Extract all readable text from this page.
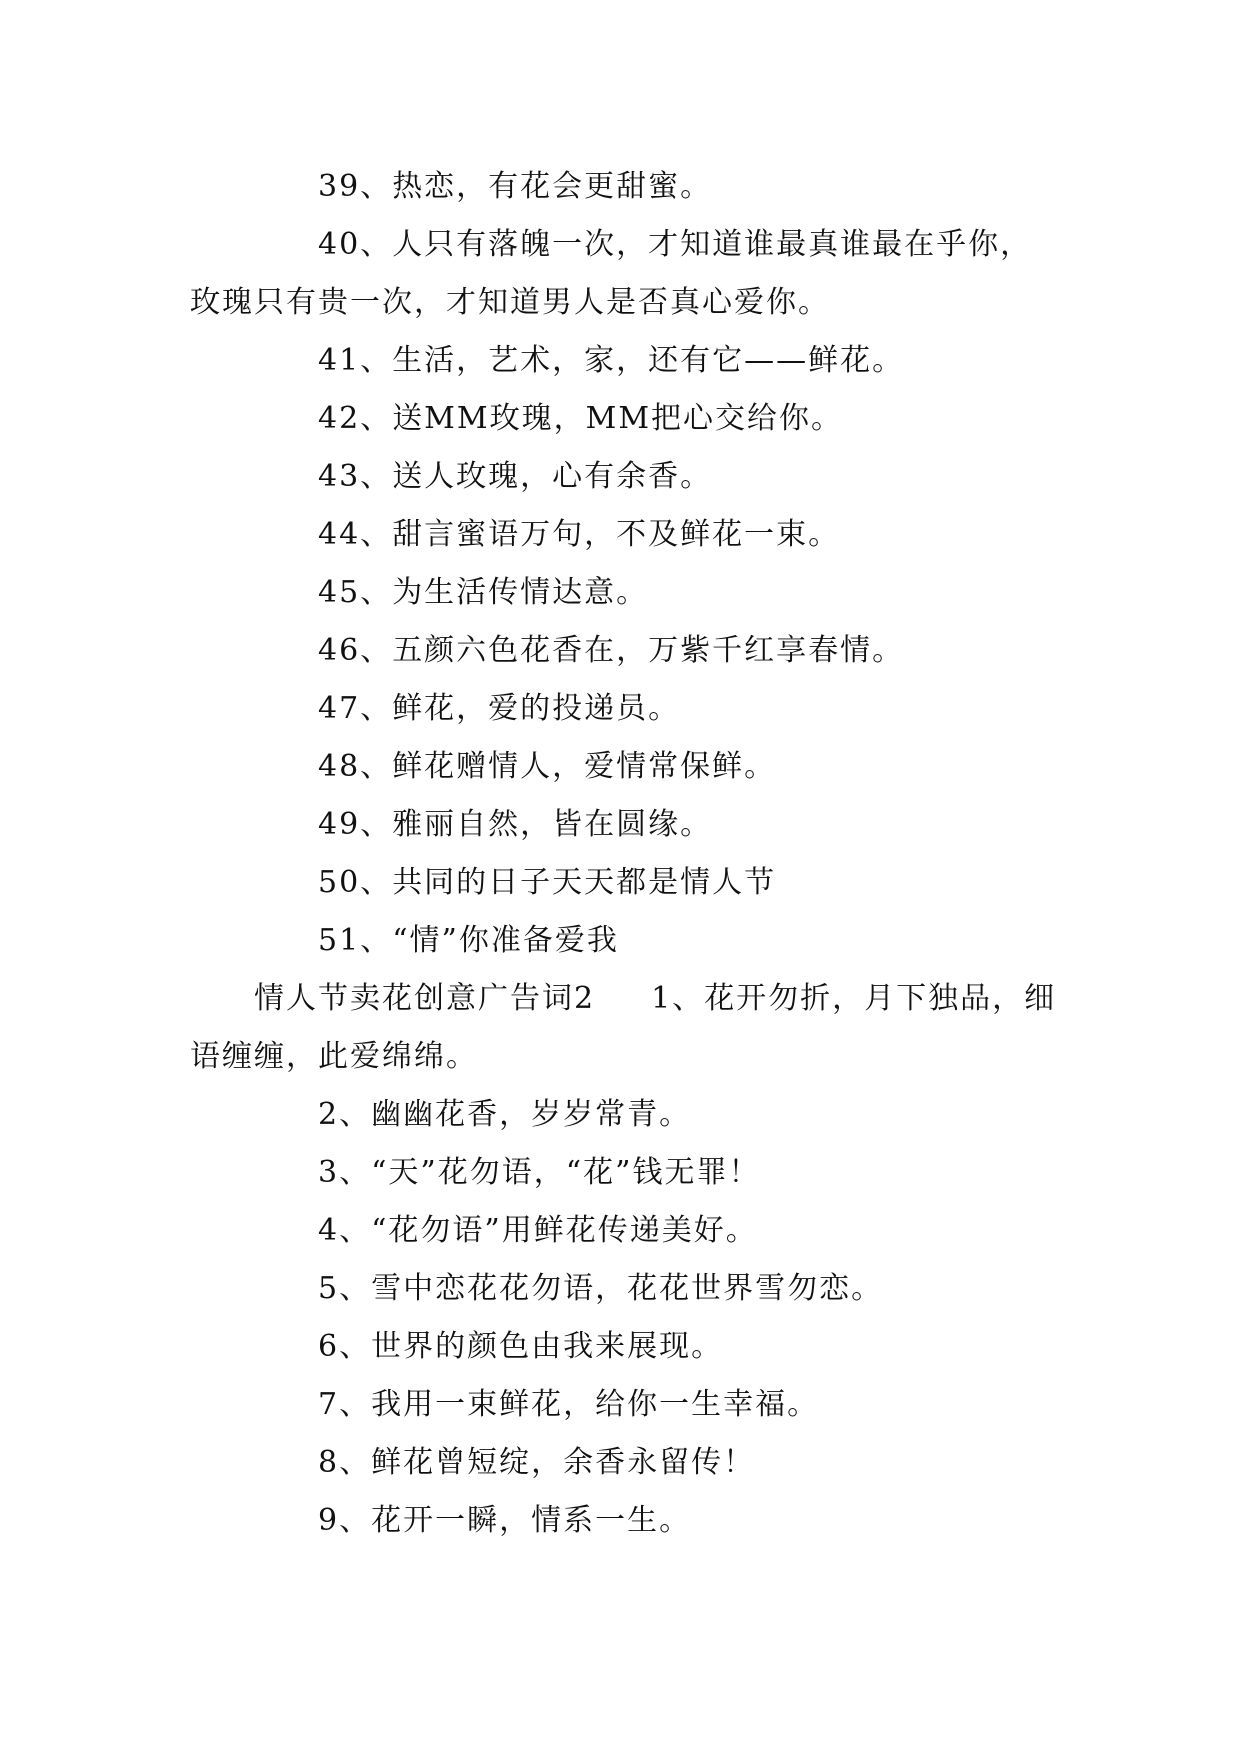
39、热恋，有花会更甜蜜。

40、人只有落魄一次，才知道谁最真谁最在乎你，玫瑰只有贵一次，才知道男人是否真心爱你。

41、生活，艺术，家，还有它——鲜花。

42、送MM玫瑰，MM把心交给你。

43、送人玫瑰，心有余香。

44、甜言蜜语万句，不及鲜花一束。

45、为生活传情达意。

46、五颜六色花香在，万紫千红享春情。

47、鲜花，爱的投递员。

48、鲜花赠情人，爱情常保鲜。

49、雅丽自然，皆在圆缘。

50、共同的日子天天都是情人节

51、“情”你准备爱我

情人节卖花创意广告词2 1、花开勿折，月下独品，细语缠缠，此爱绵绵。

2、幽幽花香，岁岁常青。

3、“天”花勿语，“花”钱无罪！

4、“花勿语”用鲜花传递美好。

5、雪中恋花花勿语，花花世界雪勿恋。

6、世界的颜色由我来展现。

7、我用一束鲜花，给你一生幸福。

8、鲜花曾短绽，余香永留传！

9、花开一瞬，情系一生。
